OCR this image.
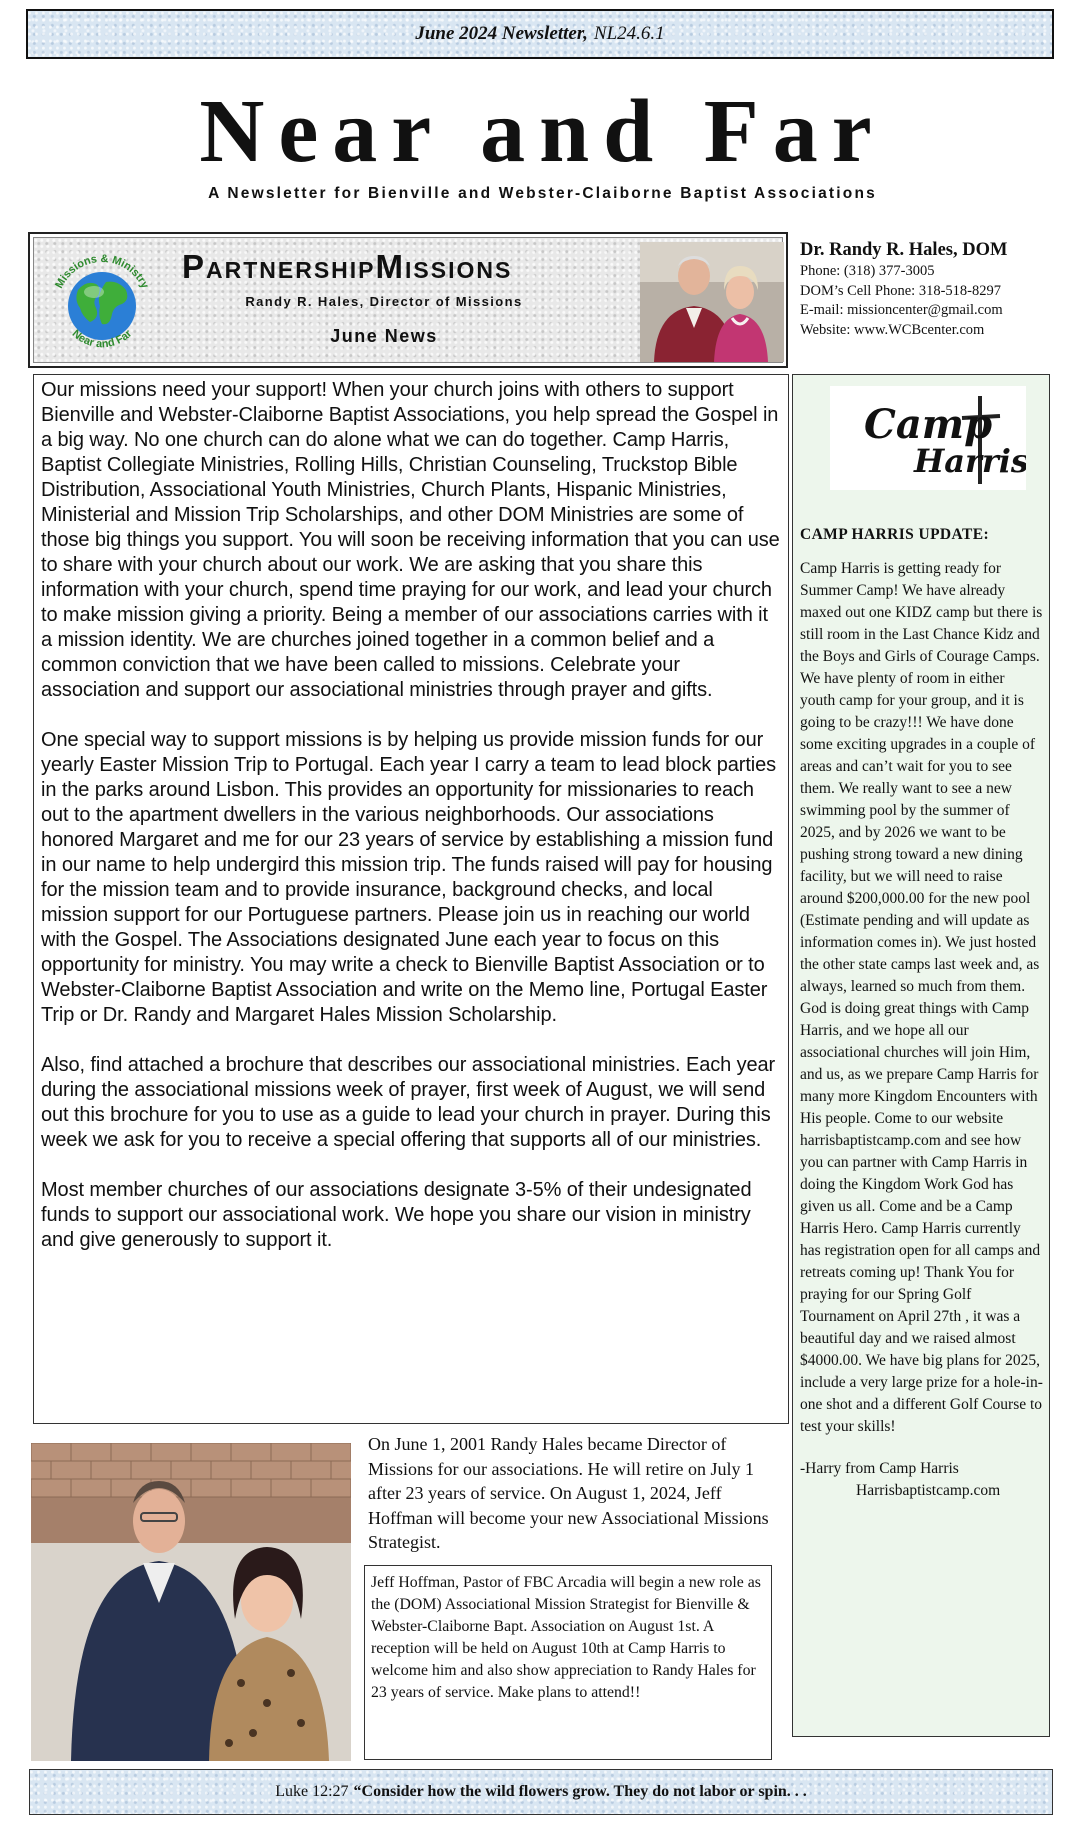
June 2024 Newsletter, NL24.6.1
Near and Far
A Newsletter for Bienville and Webster-Claiborne Baptist Associations
Missions & Ministry
Near and Far
PartnershipMissions
Randy R. Hales, Director of Missions
June News
Dr. Randy R. Hales, DOM
Phone: (318) 377-3005
DOM’s Cell Phone: 318-518-8297
E-mail: missioncenter@gmail.com
Website: www.WCBcenter.com

Our missions need your support! When your church joins with others to support Bienville and Webster-Claiborne Baptist Associations, you help spread the Gospel in a big way. No one church can do alone what we can do together. Camp Harris, Baptist Collegiate Ministries, Rolling Hills, Christian Counseling, Truckstop Bible Distribution, Associational Youth Ministries, Church Plants, Hispanic Ministries, Ministerial and Mission Trip Scholarships, and other DOM Ministries are some of those big things you support. You will soon be receiving information that you can use to share with your church about our work. We are asking that you share this information with your church, spend time praying for our work, and lead your church to make mission giving a priority. Being a member of our associations carries with it a mission identity. We are churches joined together in a common belief and a common conviction that we have been called to missions. Celebrate your association and support our associational ministries through prayer and gifts.

One special way to support missions is by helping us provide mission funds for our yearly Easter Mission Trip to Portugal. Each year I carry a team to lead block parties in the parks around Lisbon. This provides an opportunity for missionaries to reach out to the apartment dwellers in the various neighborhoods. Our associations honored Margaret and me for our 23 years of service by establishing a mission fund in our name to help undergird this mission trip. The funds raised will pay for housing for the mission team and to provide insurance, background checks, and local mission support for our Portuguese partners. Please join us in reaching our world with the Gospel. The Associations designated June each year to focus on this opportunity for ministry. You may write a check to Bienville Baptist Association or to Webster-Claiborne Baptist Association and write on the Memo line, Portugal Easter Trip or Dr. Randy and Margaret Hales Mission Scholarship.

Also, find attached a brochure that describes our associational ministries. Each year during the associational missions week of prayer, first week of August, we will send out this brochure for you to use as a guide to lead your church in prayer. During this week we ask for you to receive a special offering that supports all of our ministries.

Most member churches of our associations designate 3-5% of their undesignated funds to support our associational work. We hope you share our vision in ministry and give generously to support it.

Camp
Harris
CAMP HARRIS UPDATE:
Camp Harris is getting ready for Summer Camp! We have already maxed out one KIDZ camp but there is still room in the Last Chance Kidz and the Boys and Girls of Courage Camps. We have plenty of room in either youth camp for your group, and it is going to be crazy!!! We have done some exciting upgrades in a couple of areas and can’t wait for you to see them. We really want to see a new swimming pool by the summer of 2025, and by 2026 we want to be pushing strong toward a new dining facility, but we will need to raise around $200,000.00 for the new pool (Estimate pending and will update as information comes in). We just hosted the other state camps last week and, as always, learned so much from them. God is doing great things with Camp Harris, and we hope all our associational churches will join Him, and us, as we prepare Camp Harris for many more Kingdom Encounters with His people. Come to our website harrisbaptistcamp.com and see how you can partner with Camp Harris in doing the Kingdom Work God has given us all. Come and be a Camp Harris Hero. Camp Harris currently has registration open for all camps and retreats coming up! Thank You for praying for our Spring Golf Tournament on April 27th , it was a beautiful day and we raised almost $4000.00. We have big plans for 2025, include a very large prize for a hole-in-one shot and a different Golf Course to test your skills!
-Harry from Camp Harris
Harrisbaptistcamp.com
On June 1, 2001 Randy Hales became Director of Missions for our associations. He will retire on July 1 after 23 years of service. On August 1, 2024, Jeff Hoffman will become your new Associational Missions Strategist.
Jeff Hoffman, Pastor of FBC Arcadia will begin a new role as the (DOM) Associational Mission Strategist for Bienville & Webster-Claiborne Bapt. Association on August 1st. A reception will be held on August 10th at Camp Harris to welcome him and also show appreciation to Randy Hales for 23 years of service. Make plans to attend!!
Luke 12:27 “Consider how the wild flowers grow. They do not labor or spin. . .
